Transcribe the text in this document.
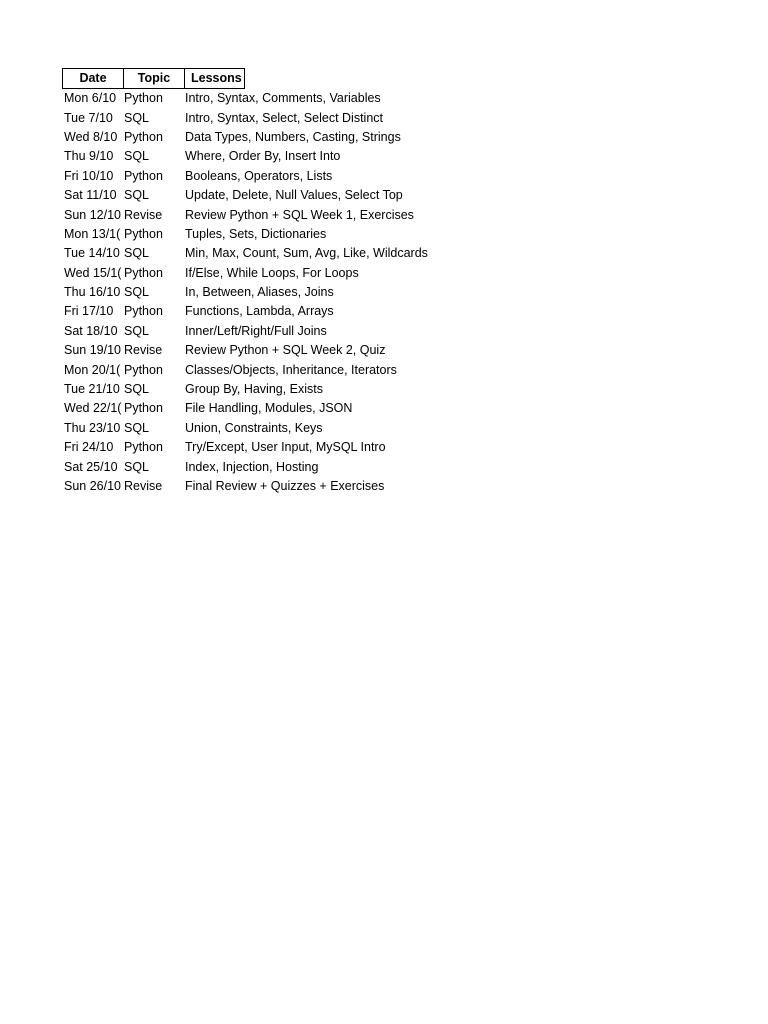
Date	Topic	Lessons
Mon 6/10 Python	Intro, Syntax, Comments, Variables
Tue 7/10 SQL	Intro, Syntax, Select, Select Distinct
Wed 8/10 Python	Data Types, Numbers, Casting, Strings
Thu 9/10 SQL	Where, Order By, Insert Into
Fri 10/10 Python	Booleans, Operators, Lists
Sat 11/10 SQL	Update, Delete, Null Values, Select Top
Sun 12/10 Revise	Review Python + SQL Week 1, Exercises
Mon 13/1( Python	Tuples, Sets, Dictionaries
Tue 14/10 SQL	Min, Max, Count, Sum, Avg, Like, Wildcards
Wed 15/1( Python	If/Else, While Loops, For Loops
Thu 16/10 SQL	In, Between, Aliases, Joins
Fri 17/10 Python	Functions, Lambda, Arrays
Sat 18/10 SQL	Inner/Left/Right/Full Joins
Sun 19/10 Revise	Review Python + SQL Week 2, Quiz
Mon 20/1( Python	Classes/Objects, Inheritance, Iterators
Tue 21/10 SQL	Group By, Having, Exists
Wed 22/1( Python	File Handling, Modules, JSON
Thu 23/10 SQL	Union, Constraints, Keys
Fri 24/10 Python	Try/Except, User Input, MySQL Intro
Sat 25/10 SQL	Index, Injection, Hosting
Sun 26/10 Revise	Final Review + Quizzes + Exercises
